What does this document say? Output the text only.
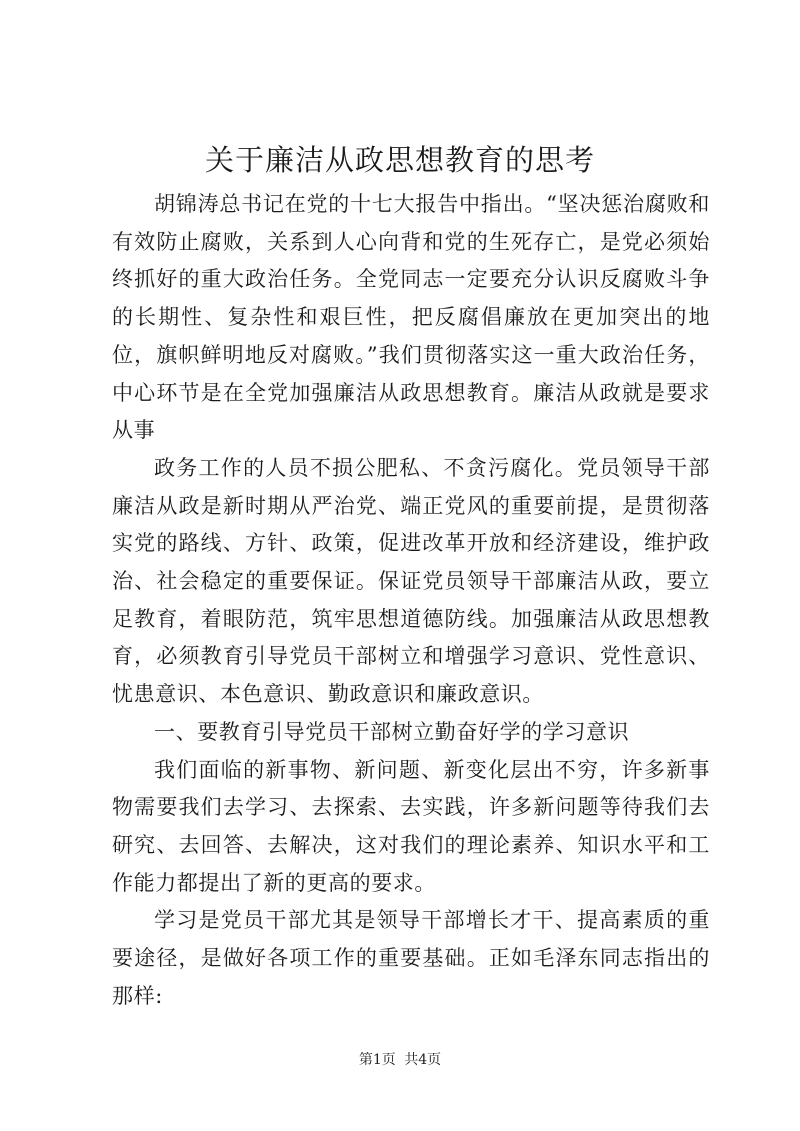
关于廉洁从政思想教育的思考

胡锦涛总书记在党的十七大报告中指出。“坚决惩治腐败和有效防止腐败，关系到人心向背和党的生死存亡，是党必须始终抓好的重大政治任务。全党同志一定要充分认识反腐败斗争的长期性、复杂性和艰巨性，把反腐倡廉放在更加突出的地位，旗帜鲜明地反对腐败。”我们贯彻落实这一重大政治任务，中心环节是在全党加强廉洁从政思想教育。廉洁从政就是要求从事

政务工作的人员不损公肥私、不贪污腐化。党员领导干部廉洁从政是新时期从严治党、端正党风的重要前提，是贯彻落实党的路线、方针、政策，促进改革开放和经济建设，维护政治、社会稳定的重要保证。保证党员领导干部廉洁从政，要立足教育，着眼防范，筑牢思想道德防线。加强廉洁从政思想教育，必须教育引导党员干部树立和增强学习意识、党性意识、忧患意识、本色意识、勤政意识和廉政意识。

一、要教育引导党员干部树立勤奋好学的学习意识

我们面临的新事物、新问题、新变化层出不穷，许多新事物需要我们去学习、去探索、去实践，许多新问题等待我们去研究、去回答、去解决，这对我们的理论素养、知识水平和工作能力都提出了新的更高的要求。

学习是党员干部尤其是领导干部增长才干、提高素质的重要途径，是做好各项工作的重要基础。正如毛泽东同志指出的那样:

第1页 共4页
